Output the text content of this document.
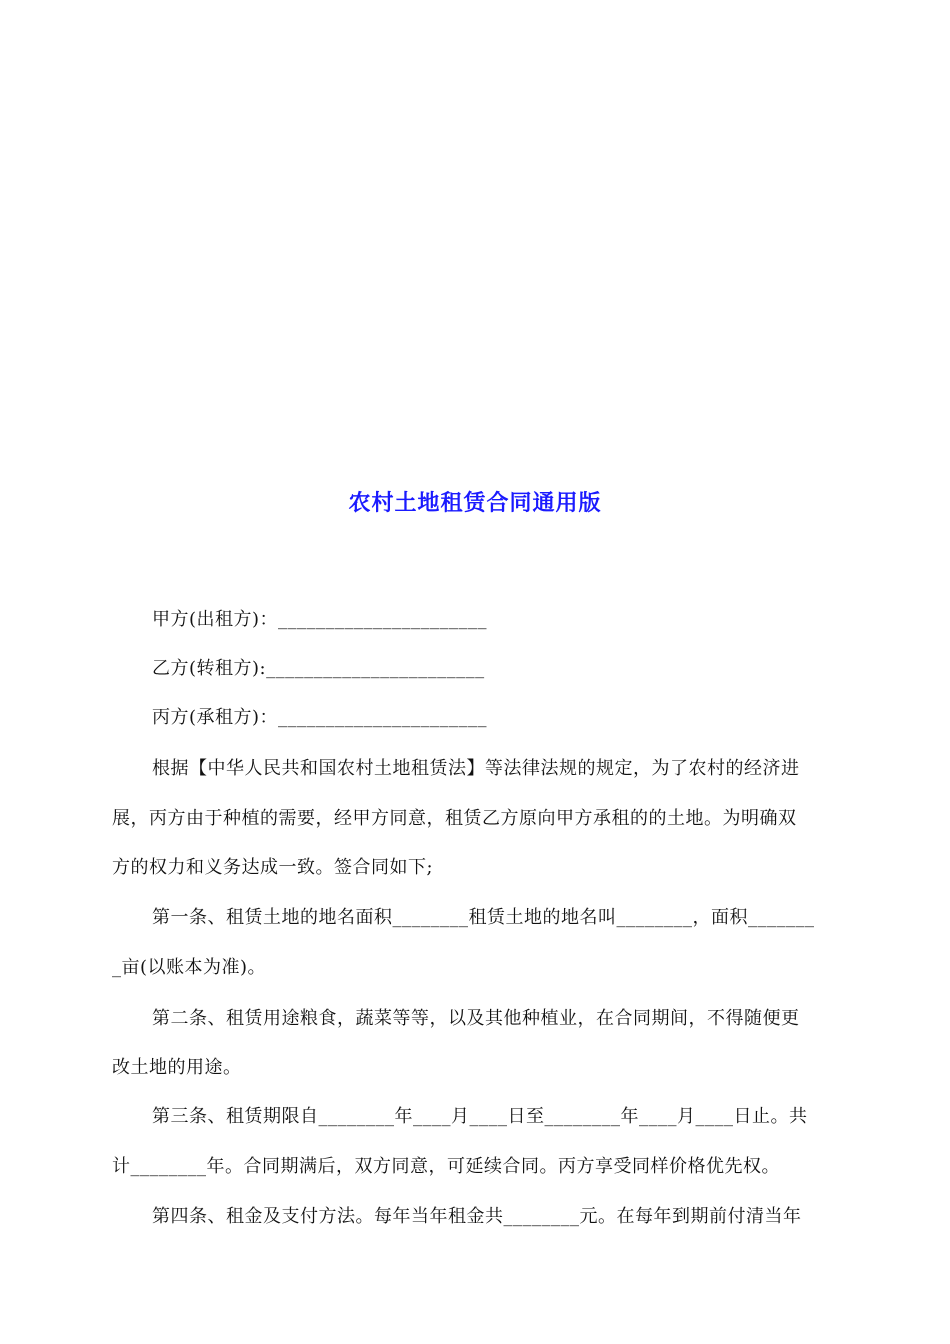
农村土地租赁合同通用版
甲方(出租方)：______________________
乙方(转租方):_______________________
丙方(承租方)：______________________
根据【中华人民共和国农村土地租赁法】等法律法规的规定，为了农村的经济进
展，丙方由于种植的需要，经甲方同意，租赁乙方原向甲方承租的的土地。为明确双
方的权力和义务达成一致。签合同如下;
第一条、租赁土地的地名面积________租赁土地的地名叫________，面积_______
_亩(以账本为准)。
第二条、租赁用途粮食，蔬菜等等，以及其他种植业，在合同期间，不得随便更
改土地的用途。
第三条、租赁期限自________年____月____日至________年____月____日止。共
计________年。合同期满后，双方同意，可延续合同。丙方享受同样价格优先权。
第四条、租金及支付方法。每年当年租金共________元。在每年到期前付清当年
